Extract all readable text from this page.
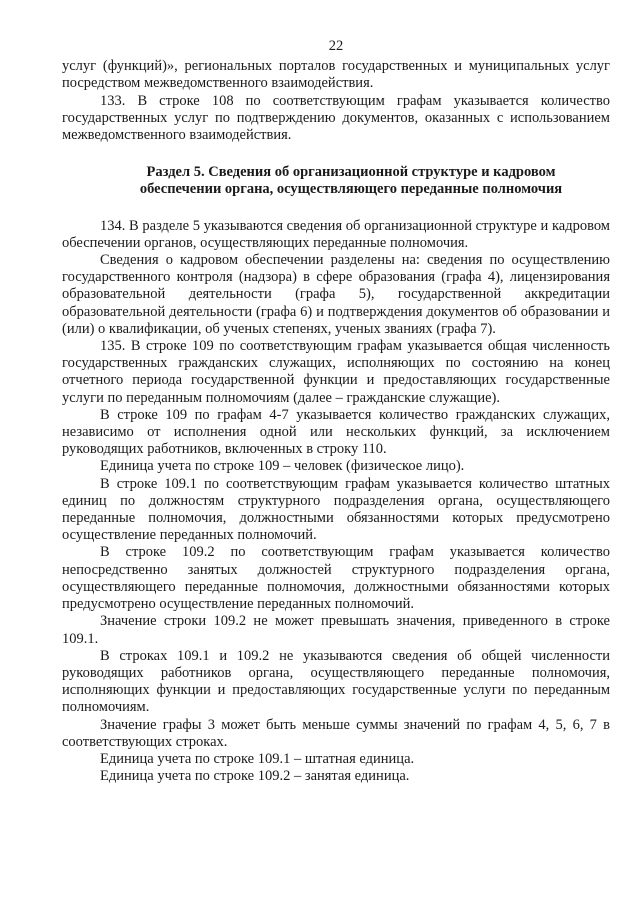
22

услуг (функций)», региональных порталов государственных и муниципальных услуг посредством межведомственного взаимодействия.

133. В строке 108 по соответствующим графам указывается количество государственных услуг по подтверждению документов, оказанных с использованием межведомственного взаимодействия.

Раздел 5. Сведения об организационной структуре и кадровом
обеспечении органа, осуществляющего переданные полномочия

134. В разделе 5 указываются сведения об организационной структуре и кадровом обеспечении органов, осуществляющих переданные полномочия.

Сведения о кадровом обеспечении разделены на: сведения по осуществлению государственного контроля (надзора) в сфере образования (графа 4), лицензирования образовательной деятельности (графа 5), государственной аккредитации образовательной деятельности (графа 6) и подтверждения документов об образовании и (или) о квалификации, об ученых степенях, ученых званиях (графа 7).

135. В строке 109 по соответствующим графам указывается общая численность государственных гражданских служащих, исполняющих по состоянию на конец отчетного периода государственной функции и предоставляющих государственные услуги по переданным полномочиям (далее – гражданские служащие).

В строке 109 по графам 4-7 указывается количество гражданских служащих, независимо от исполнения одной или нескольких функций, за исключением руководящих работников, включенных в строку 110.

Единица учета по строке 109 – человек (физическое лицо).

В строке 109.1 по соответствующим графам указывается количество штатных единиц по должностям структурного подразделения органа, осуществляющего переданные полномочия, должностными обязанностями которых предусмотрено осуществление переданных полномочий.

В строке 109.2 по соответствующим графам указывается количество непосредственно занятых должностей структурного подразделения органа, осуществляющего переданные полномочия, должностными обязанностями которых предусмотрено осуществление переданных полномочий.

Значение строки 109.2 не может превышать значения, приведенного в строке 109.1.

В строках 109.1 и 109.2 не указываются сведения об общей численности руководящих работников органа, осуществляющего переданные полномочия, исполняющих функции и предоставляющих государственные услуги по переданным полномочиям.

Значение графы 3 может быть меньше суммы значений по графам 4, 5, 6, 7 в соответствующих строках.

Единица учета по строке 109.1 – штатная единица.

Единица учета по строке 109.2 – занятая единица.
